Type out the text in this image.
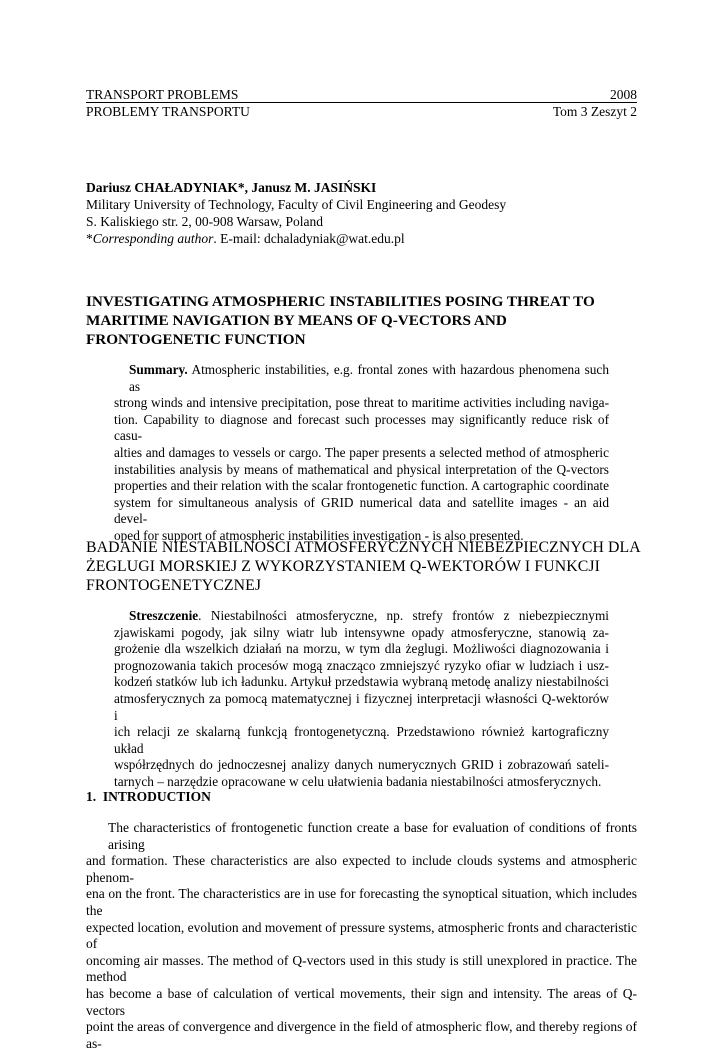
TRANSPORT PROBLEMS	2008
PROBLEMY TRANSPORTU	Tom 3 Zeszyt 2
Dariusz CHAŁADYNIAK*, Janusz M. JASIŃSKI
Military University of Technology, Faculty of Civil Engineering and Geodesy
S. Kaliskiego str. 2, 00-908 Warsaw, Poland
*Corresponding author. E-mail: dchaladyniak@wat.edu.pl
INVESTIGATING ATMOSPHERIC INSTABILITIES POSING THREAT TO
MARITIME NAVIGATION BY MEANS OF Q-VECTORS AND
FRONTOGENETIC FUNCTION
Summary. Atmospheric instabilities, e.g. frontal zones with hazardous phenomena such as
strong winds and intensive precipitation, pose threat to maritime activities including naviga-
tion. Capability to diagnose and forecast such processes may significantly reduce risk of casu-
alties and damages to vessels or cargo. The paper presents a selected method of atmospheric
instabilities analysis by means of mathematical and physical interpretation of the Q-vectors
properties and their relation with the scalar frontogenetic function. A cartographic coordinate
system for simultaneous analysis of GRID numerical data and satellite images - an aid devel-
oped for support of atmospheric instabilities investigation - is also presented.
BADANIE NIESTABILNOŚCI ATMOSFERYCZNYCH NIEBEZPIECZNYCH DLA
ŻEGLUGI MORSKIEJ Z WYKORZYSTANIEM Q-WEKTORÓW I FUNKCJI
FRONTOGENETYCZNEJ
Streszczenie. Niestabilności atmosferyczne, np. strefy frontów z niebezpiecznymi
zjawiskami pogody, jak silny wiatr lub intensywne opady atmosferyczne, stanowią za-
grożenie dla wszelkich działań na morzu, w tym dla żeglugi. Możliwości diagnozowania i
prognozowania takich procesów mogą znacząco zmniejszyć ryzyko ofiar w ludziach i usz-
kodzeń statków lub ich ładunku. Artykuł przedstawia wybraną metodę analizy niestabilności
atmosferycznych za pomocą matematycznej i fizycznej interpretacji własności Q-wektorów i
ich relacji ze skalarną funkcją frontogenetyczną. Przedstawiono również kartograficzny układ
współrzędnych do jednoczesnej analizy danych numerycznych GRID i zobrazowań sateli-
tarnych – narzędzie opracowane w celu ułatwienia badania niestabilności atmosferycznych.
1.  INTRODUCTION
The characteristics of frontogenetic function create a base for evaluation of conditions of fronts arising
and formation. These characteristics are also expected to include clouds systems and atmospheric phenom-
ena on the front. The characteristics are in use for forecasting the synoptical situation, which includes the
expected location, evolution and movement of pressure systems, atmospheric fronts and characteristic of
oncoming air masses. The method of Q-vectors used in this study is still unexplored in practice. The method
has become a base of calculation of vertical movements, their sign and intensity. The areas of Q-vectors
point the areas of convergence and divergence in the field of atmospheric flow, and thereby regions of as-
